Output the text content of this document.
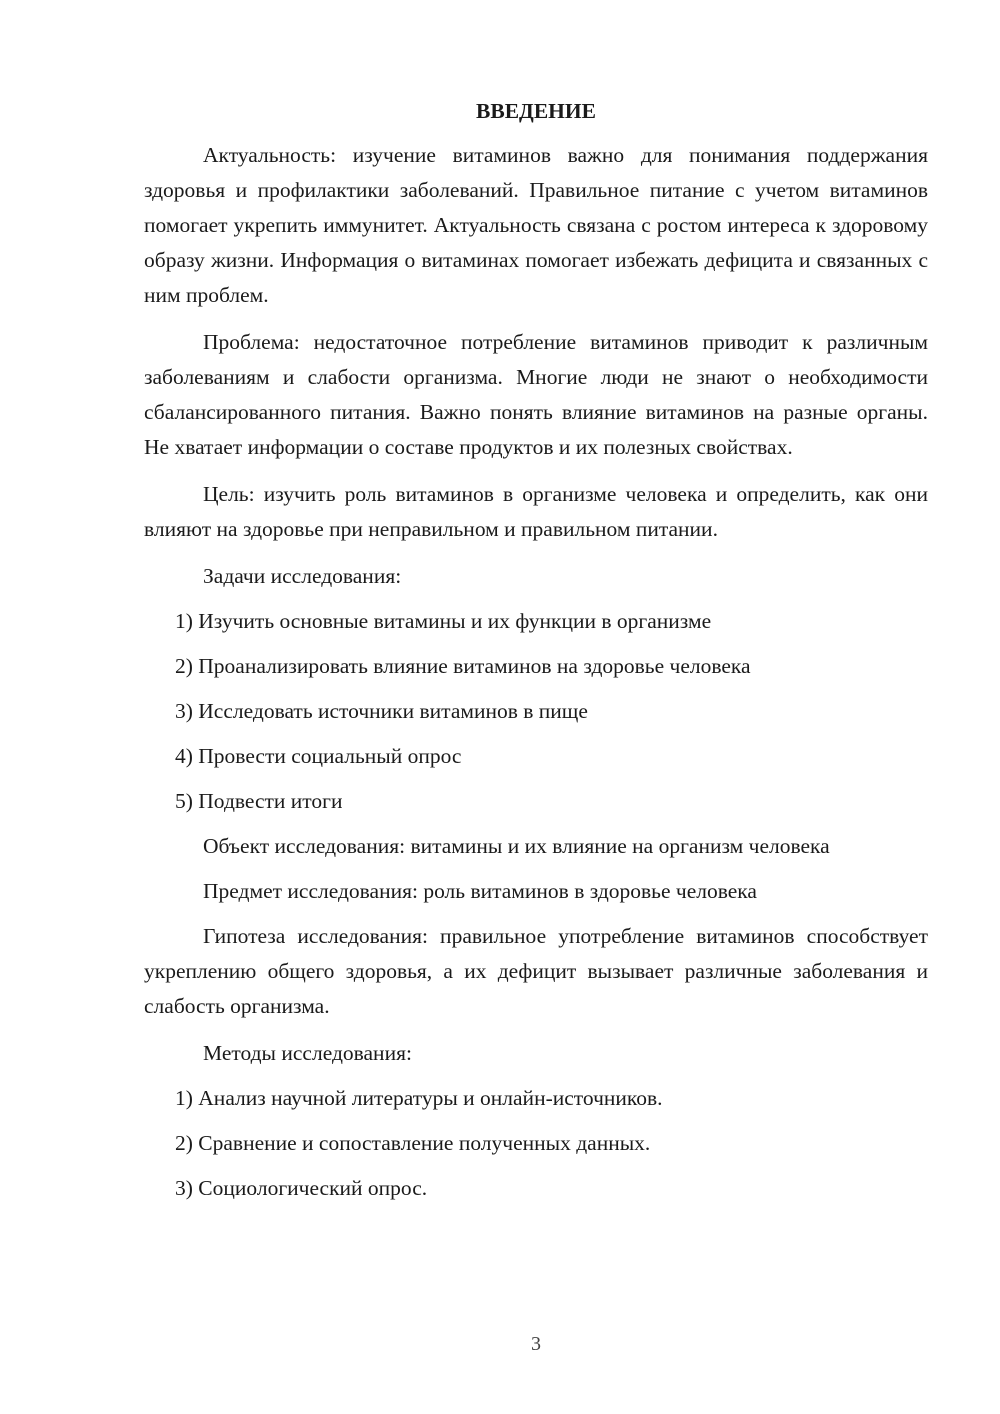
ВВЕДЕНИЕ

Актуальность: изучение витаминов важно для понимания поддержания здоровья и профилактики заболеваний. Правильное питание с учетом витаминов помогает укрепить иммунитет. Актуальность связана с ростом интереса к здоровому образу жизни. Информация о витаминах помогает избежать дефицита и связанных с ним проблем.

Проблема: недостаточное потребление витаминов приводит к различным заболеваниям и слабости организма. Многие люди не знают о необходимости сбалансированного питания. Важно понять влияние витаминов на разные органы. Не хватает информации о составе продуктов и их полезных свойствах.

Цель: изучить роль витаминов в организме человека и определить, как они влияют на здоровье при неправильном и правильном питании.

Задачи исследования:
1) Изучить основные витамины и их функции в организме
2) Проанализировать влияние витаминов на здоровье человека
3) Исследовать источники витаминов в пище
4) Провести социальный опрос
5) Подвести итоги
Объект исследования: витамины и их влияние на организм человека
Предмет исследования: роль витаминов в здоровье человека

Гипотеза исследования: правильное употребление витаминов способствует укреплению общего здоровья, а их дефицит вызывает различные заболевания и слабость организма.

Методы исследования:
1) Анализ научной литературы и онлайн-источников.
2) Сравнение и сопоставление полученных данных.
3) Социологический опрос.
3
